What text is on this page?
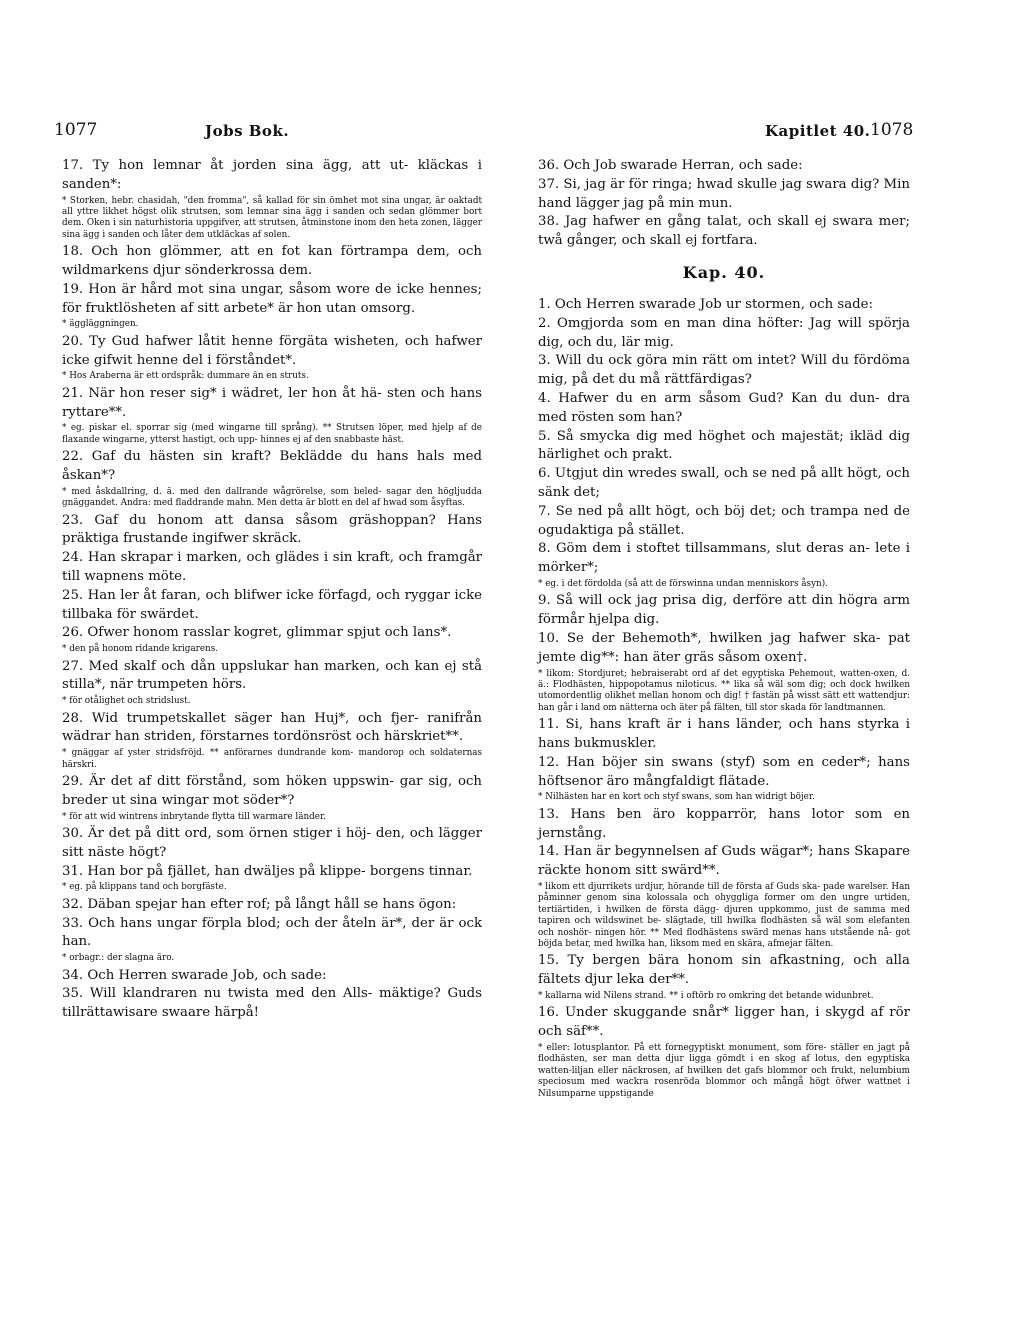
1077	Jobs Bok.	Kapitlet 40. 1078

17. Ty hon lemnar åt jorden sina ägg, att ut- kläckas i sanden*:

* Storken, hebr. chasidah, "den fromma", så kallad för sin ömhet mot sina ungar, är oaktadt all yttre likhet högst olik strutsen, som lemnar sina ägg i sanden och sedan glömmer bort dem. Oken i sin naturhistoria uppgifver, att strutsen, åtminstone inom den heta zonen, lägger sina ägg i sanden och låter dem utkläckas af solen.

18. Och hon glömmer, att en fot kan förtrampa dem, och wildmarkens djur sönderkrossa dem.

19. Hon är hård mot sina ungar, såsom wore de icke hennes; för fruktlösheten af sitt arbete* är hon utan omsorg.

* äggläggningen.

20. Ty Gud hafwer låtit henne förgäta wisheten, och hafwer icke gifwit henne del i förståndet*.

* Hos Araberna är ett ordspråk: dummare än en struts.

21. När hon reser sig* i wädret, ler hon åt hä- sten och hans ryttare**.

* eg. piskar el. sporrar sig (med wingarne till språng). ** Strutsen löper, med hjelp af de flaxande wingarne, ytterst hastigt, och upp- hinnes ej af den snabbaste häst.

22. Gaf du hästen sin kraft? Beklädde du hans hals med åskan*?

* med åskdallring, d. ä. med den dallrande wågrörelse, som beled- sagar den högljudda gnäggandet. Andra: med fladdrande mahn. Men detta är blott en del af hwad som åsyftas.

23. Gaf du honom att dansa såsom gräshoppan? Hans präktiga frustande ingifwer skräck.

24. Han skrapar i marken, och glädes i sin kraft, och framgår till wapnens möte.

25. Han ler åt faran, och blifwer icke förfagd, och ryggar icke tillbaka för swärdet.

26. Ofwer honom rasslar kogret, glimmar spjut och lans*.

* den på honom ridande krigarens.

27. Med skalf och dån uppslukar han marken, och kan ej stå stilla*, när trumpeten hörs.

* för otålighet och stridslust.

28. Wid trumpetskallet säger han Huj*, och fjer- ranifrån wädrar han striden, förstarnes tordönsröst och härskriet**.

* gnäggar af yster stridsfröjd. ** anförarnes dundrande kom- mandorop och soldaternas härskri.

29. Är det af ditt förstånd, som höken uppswin- gar sig, och breder ut sina wingar mot söder*?

* för att wid wintrens inbrytande flytta till warmare länder.

30. Är det på ditt ord, som örnen stiger i höj- den, och lägger sitt näste högt?

31. Han bor på fjället, han dwäljes på klippe- borgens tinnar.

* eg. på klippans tand och borgfäste.

32. Däban spejar han efter rof; på långt håll se hans ögon:

33. Och hans ungar förpla blod; och der åteln är*, der är ock han.

* orbagr.: der slagna äro.

34. Och Herren swarade Job, och sade:

35. Will klandraren nu twista med den Alls- mäktige? Guds tillrättawisare swaare härpå!

36. Och Job swarade Herran, och sade:

37. Si, jag är för ringa; hwad skulle jag swara dig? Min hand lägger jag på min mun.

38. Jag hafwer en gång talat, och skall ej swara mer; twå gånger, och skall ej fortfara.

Kap. 40.

1. Och Herren swarade Job ur stormen, och sade:

2. Omgjorda som en man dina höfter: Jag will spörja dig, och du, lär mig.

3. Will du ock göra min rätt om intet? Will du fördöma mig, på det du må rättfärdigas?

4. Hafwer du en arm såsom Gud? Kan du dun- dra med rösten som han?

5. Så smycka dig med höghet och majestät; ikläd dig härlighet och prakt.

6. Utgjut din wredes swall, och se ned på allt högt, och sänk det;

7. Se ned på allt högt, och böj det; och trampa ned de ogudaktiga på stället.

8. Göm dem i stoftet tillsammans, slut deras an- lete i mörker*;

* eg. i det fördolda (så att de förswinna undan menniskors åsyn).

9. Så will ock jag prisa dig, derföre att din högra arm förmår hjelpa dig.

10. Se der Behemoth*, hwilken jag hafwer ska- pat jemte dig**: han äter gräs såsom oxen†.

* likom: Stordjuret; hebraiserabt ord af det egyptiska Pehemout, watten-oxen, d. ä.: Flodhästen, hippopotamus niloticus. ** lika så wäl som dig; och dock hwilken utomordentlig olikhet mellan honom och dig! † fastän på wisst sätt ett wattendjur: han går i land om nätterna och äter på fälten, till stor skada för landtmannen.

11. Si, hans kraft är i hans länder, och hans styrka i hans bukmuskler.

12. Han böjer sin swans (styf) som en ceder*; hans höftsenor äro mångfaldigt flätade.

* Nilhästen har en kort och styf swans, som han widrigt böjer.

13. Hans ben äro kopparrör, hans lotor som en jernstång.

14. Han är begynnelsen af Guds wägar*; hans Skapare räckte honom sitt swärd**.

* likom ett djurrikets urdjur, hörande till de första af Guds ska- pade warelser. Han påminner genom sina kolossala och ohyggliga former om den ungre urtiden, tertiärtiden, i hwilken de första dägg- djuren uppkommo, just de samma med tapiren och wildswinet be- slägtade, till hwilka flodhästen så wäl som elefanten och noshör- ningen hör. ** Med flodhästens swärd menas hans utstående nå- got böjda betar, med hwilka han, liksom med en skära, afmejar fälten.

15. Ty bergen bära honom sin afkastning, och alla fältets djur leka der**.

* kallarna wid Nilens strand. ** i oftörb ro omkring det betande widunbret.

16. Under skuggande snår* ligger han, i skygd af rör och säf**.

* eller: lotusplantor. På ett fornegyptiskt monument, som före- ställer en jagt på flodhästen, ser man detta djur ligga gömdt i en skog af lotus, den egyptiska watten-liljan eller näckrosen, af hwilken det gafs blommor och frukt, nelumbium speciosum med wackra rosenröda blommor och mångå högt öfwer wattnet i Nilsumparne uppstigande
